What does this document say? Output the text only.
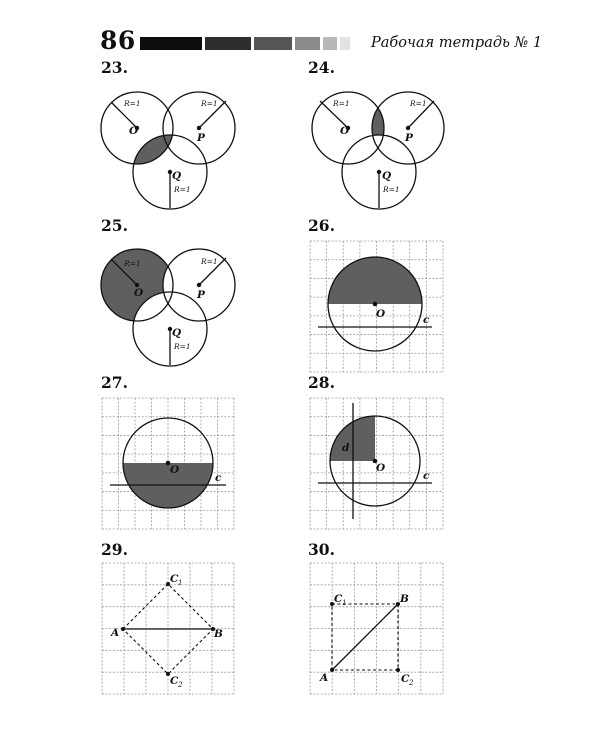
86	Рабочая тетрадь № 1
23.
O
P
Q
R=1	R=1
R=1
24.
O
P
Q
R=1	R=1
R=1
25.
O	P
Q
R=1	R=1
R=1
26.
O	c
27.
O
c
28.
O
c
d
29.
A	B
C 1
C 2
30.
A
B
C 1
C 2
